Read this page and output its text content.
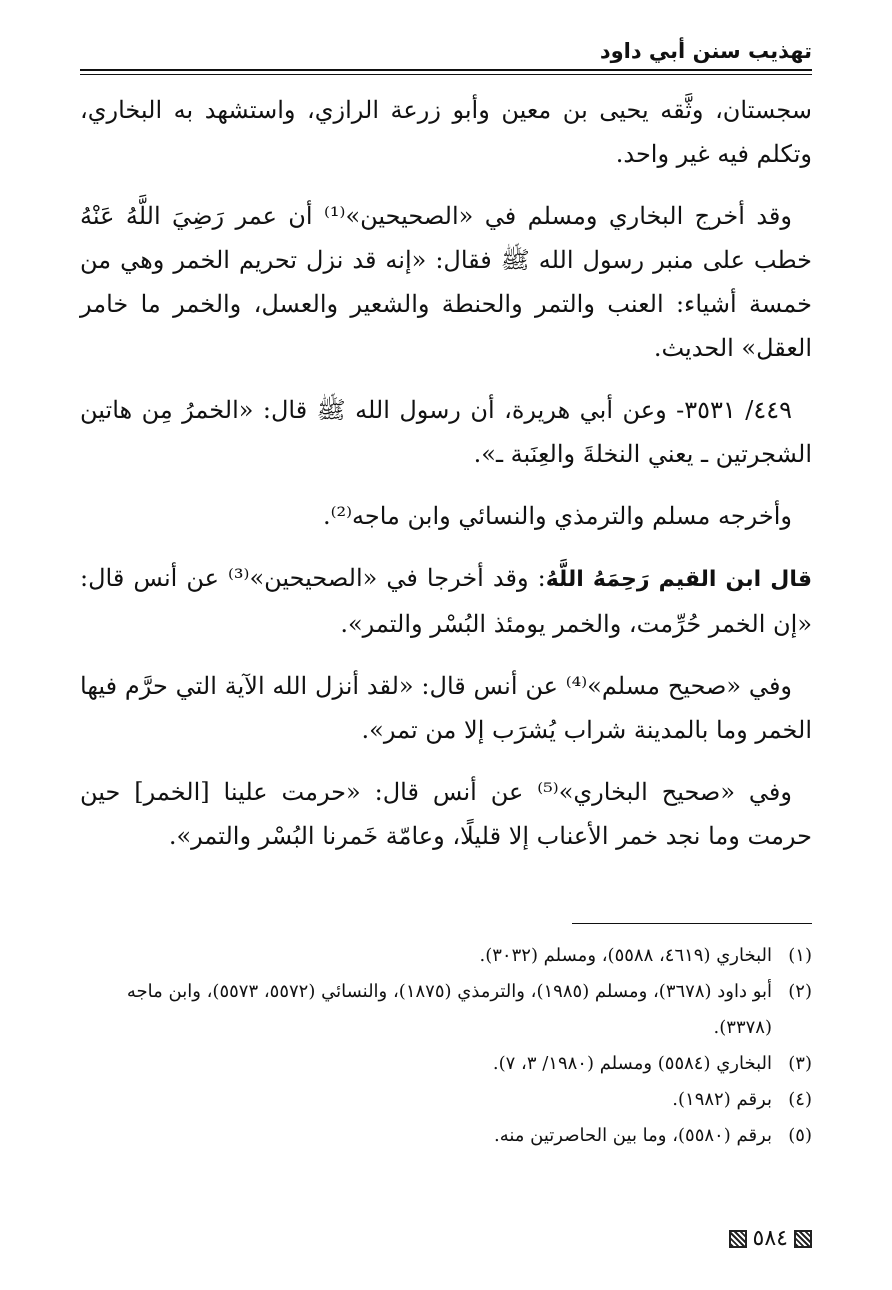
تهذيب سنن أبي داود

سجستان، وثَّقه يحيى بن معين وأبو زرعة الرازي، واستشهد به البخاري، وتكلم فيه غير واحد.

وقد أخرج البخاري ومسلم في «الصحيحين»⁽¹⁾ أن عمر رَضِيَ اللَّهُ عَنْهُ خطب على منبر رسول الله ﷺ فقال: «إنه قد نزل تحريم الخمر وهي من خمسة أشياء: العنب والتمر والحنطة والشعير والعسل، والخمر ما خامر العقل» الحديث.

٤٤٩/ ٣٥٣١- وعن أبي هريرة، أن رسول الله ﷺ قال: «الخمرُ مِن هاتين الشجرتين ـ يعني النخلةَ والعِنَبة ـ».

وأخرجه مسلم والترمذي والنسائي وابن ماجه⁽²⁾.

قال ابن القيم رَحِمَهُ اللَّهُ: وقد أخرجا في «الصحيحين»⁽³⁾ عن أنس قال: «إن الخمر حُرِّمت، والخمر يومئذ البُسْر والتمر».

وفي «صحيح مسلم»⁽⁴⁾ عن أنس قال: «لقد أنزل الله الآية التي حرَّم فيها الخمر وما بالمدينة شراب يُشرَب إلا من تمر».

وفي «صحيح البخاري»⁽⁵⁾ عن أنس قال: «حرمت علينا [الخمر] حين حرمت وما نجد خمر الأعناب إلا قليلًا، وعامّة خَمرنا البُسْر والتمر».

(١)البخاري (٤٦١٩، ٥٥٨٨)، ومسلم (٣٠٣٢).

(٢)أبو داود (٣٦٧٨)، ومسلم (١٩٨٥)، والترمذي (١٨٧٥)، والنسائي (٥٥٧٢، ٥٥٧٣)، وابن ماجه (٣٣٧٨).

(٣)البخاري (٥٥٨٤) ومسلم (١٩٨٠/ ٣، ٧).

(٤)برقم (١٩٨٢).

(٥)برقم (٥٥٨٠)، وما بين الحاصرتين منه.

٥٨٤
